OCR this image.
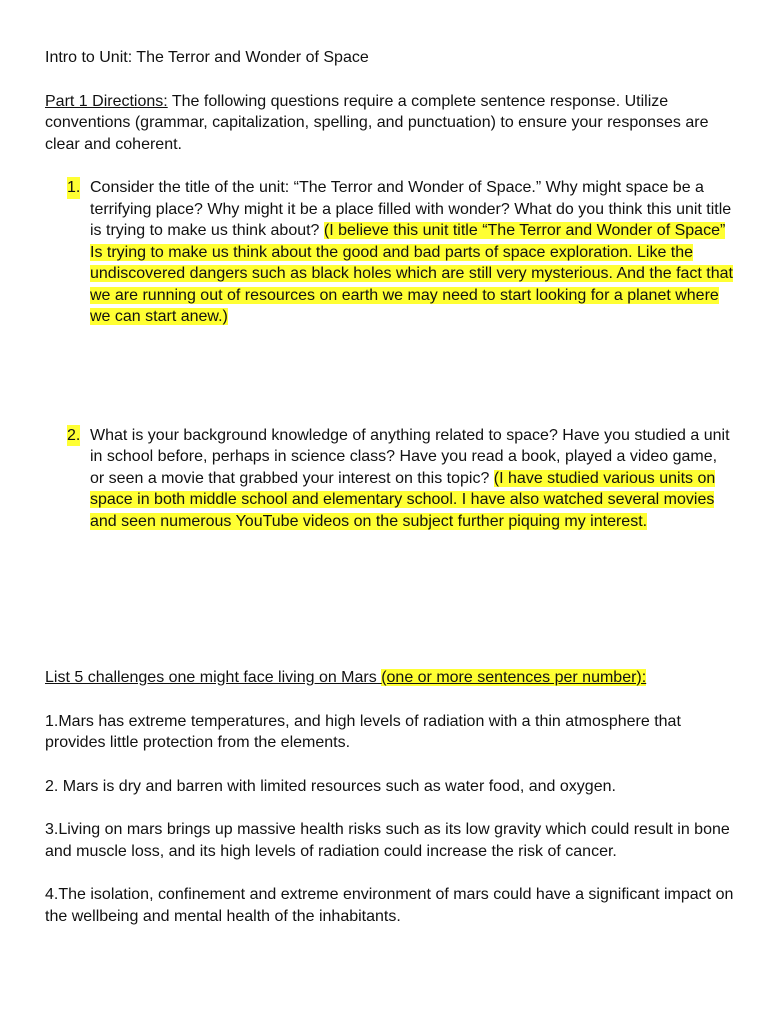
Intro to Unit: The Terror and Wonder of Space

Part 1 Directions: The following questions require a complete sentence response. Utilize conventions (grammar, capitalization, spelling, and punctuation) to ensure your responses are clear and coherent.

1. Consider the title of the unit: “The Terror and Wonder of Space.” Why might space be a terrifying place? Why might it be a place filled with wonder? What do you think this unit title is trying to make us think about? (I believe this unit title “The Terror and Wonder of Space” Is trying to make us think about the good and bad parts of space exploration. Like the undiscovered dangers such as black holes which are still very mysterious. And the fact that we are running out of resources on earth we may need to start looking for a planet where we can start anew.)
2. What is your background knowledge of anything related to space? Have you studied a unit in school before, perhaps in science class? Have you read a book, played a video game, or seen a movie that grabbed your interest on this topic? (I have studied various units on space in both middle school and elementary school. I have also watched several movies and seen numerous YouTube videos on the subject further piquing my interest.

List 5 challenges one might face living on Mars (one or more sentences per number):

1.Mars has extreme temperatures, and high levels of radiation with a thin atmosphere that provides little protection from the elements.

2. Mars is dry and barren with limited resources such as water food, and oxygen.

3.Living on mars brings up massive health risks such as its low gravity which could result in bone and muscle loss, and its high levels of radiation could increase the risk of cancer.

4.The isolation, confinement and extreme environment of mars could have a significant impact on the wellbeing and mental health of the inhabitants.
